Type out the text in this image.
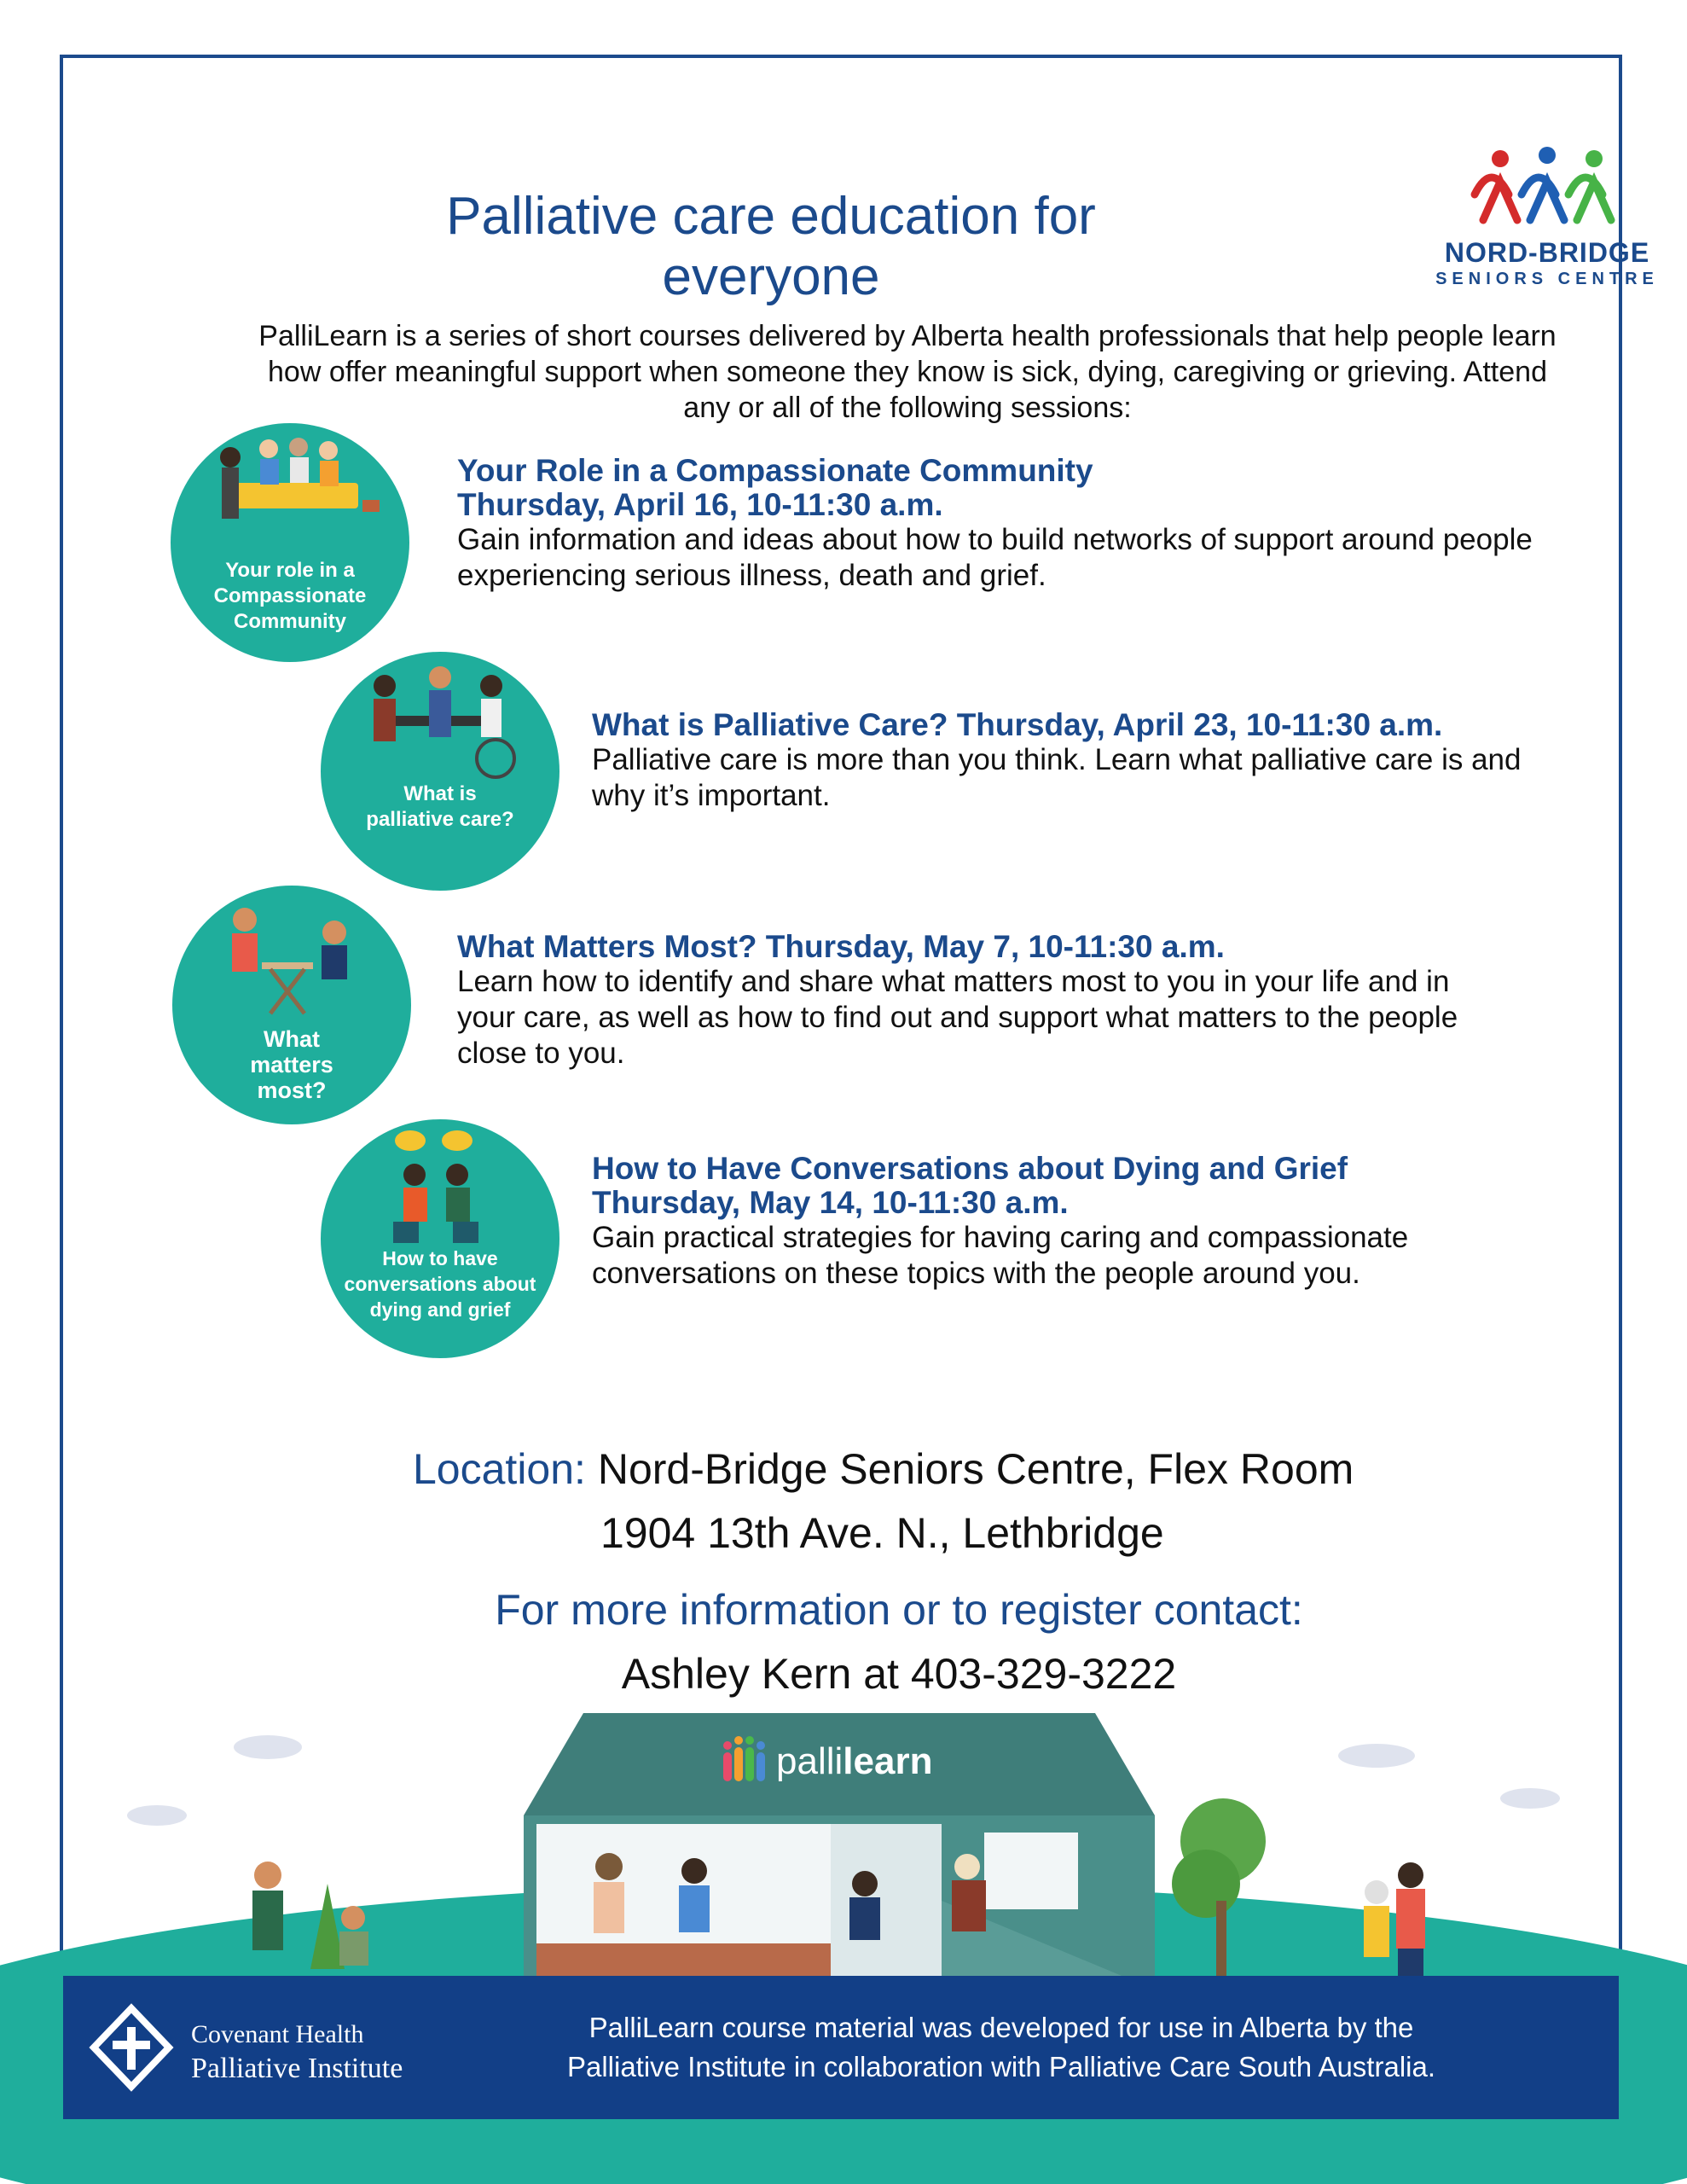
Palliative care education for everyone	NORD-BRIDGE
SENIORS CENTRE
PalliLearn is a series of short courses delivered by Alberta health professionals that help people learn how offer meaningful support when someone they know is sick, dying, caregiving or grieving. Attend any or all of the following sessions:
Your role in a
Compassionate
Community
Your Role in a Compassionate Community
Thursday, April 16, 10-11:30 a.m.
Gain information and ideas about how to build networks of support around people experiencing serious illness, death and grief.
What is
palliative care?
What is Palliative Care? Thursday, April 23, 10-11:30 a.m.
Palliative care is more than you think. Learn what palliative care is and why it’s important.
What
matters
most?
What Matters Most? Thursday, May 7, 10-11:30 a.m.
Learn how to identify and share what matters most to you in your life and in your care, as well as how to find out and support what matters to the people close to you.
How to have
conversations about
dying and grief
How to Have Conversations about Dying and Grief
Thursday, May 14, 10-11:30 a.m.
Gain practical strategies for having caring and compassionate conversations on these topics with the people around you.
Location: Nord-Bridge Seniors Centre, Flex Room
1904 13th Ave. N., Lethbridge
For more information or to register contact:
Ashley Kern at 403-329-3222
pallilearn
Covenant Health
Palliative Institute
PalliLearn course material was developed for use in Alberta by the
Palliative Institute in collaboration with Palliative Care South Australia.
